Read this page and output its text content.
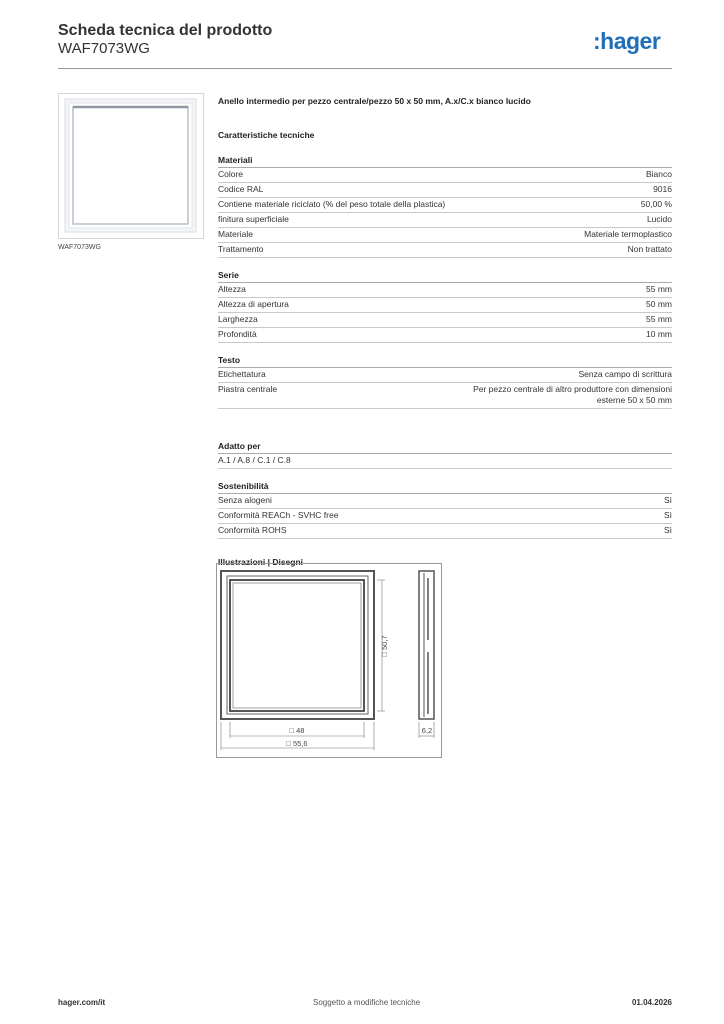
Scheda tecnica del prodotto
WAF7073WG	:hager
WAF7073WG
Anello intermedio per pezzo centrale/pezzo 50 x 50 mm, A.x/C.x bianco lucido
Caratteristiche tecniche
Materiali
Colore	Bianco
Codice RAL	9016
Contiene materiale riciclato (% del peso totale della plastica)	50,00 %
finitura superficiale	Lucido
Materiale	Materiale termoplastico
Trattamento	Non trattato
Serie
Altezza	55 mm
Altezza di apertura	50 mm
Larghezza	55 mm
Profondità	10 mm
Testo
Etichettatura	Senza campo di scrittura
Piastra centrale	Per pezzo centrale di altro produttore con dimensioni esterne 50 x 50 mm
Adatto per
A.1 / A.8 / C.1 / C.8
Sostenibilità
Senza alogeni	Sì
Conformità REACh - SVHC free	Sì
Conformità ROHS	Sì
Illustrazioni | Disegni
□ 50,7
□ 48
□ 55,6
6,2
hager.com/it	Soggetto a modifiche tecniche	01.04.2026
